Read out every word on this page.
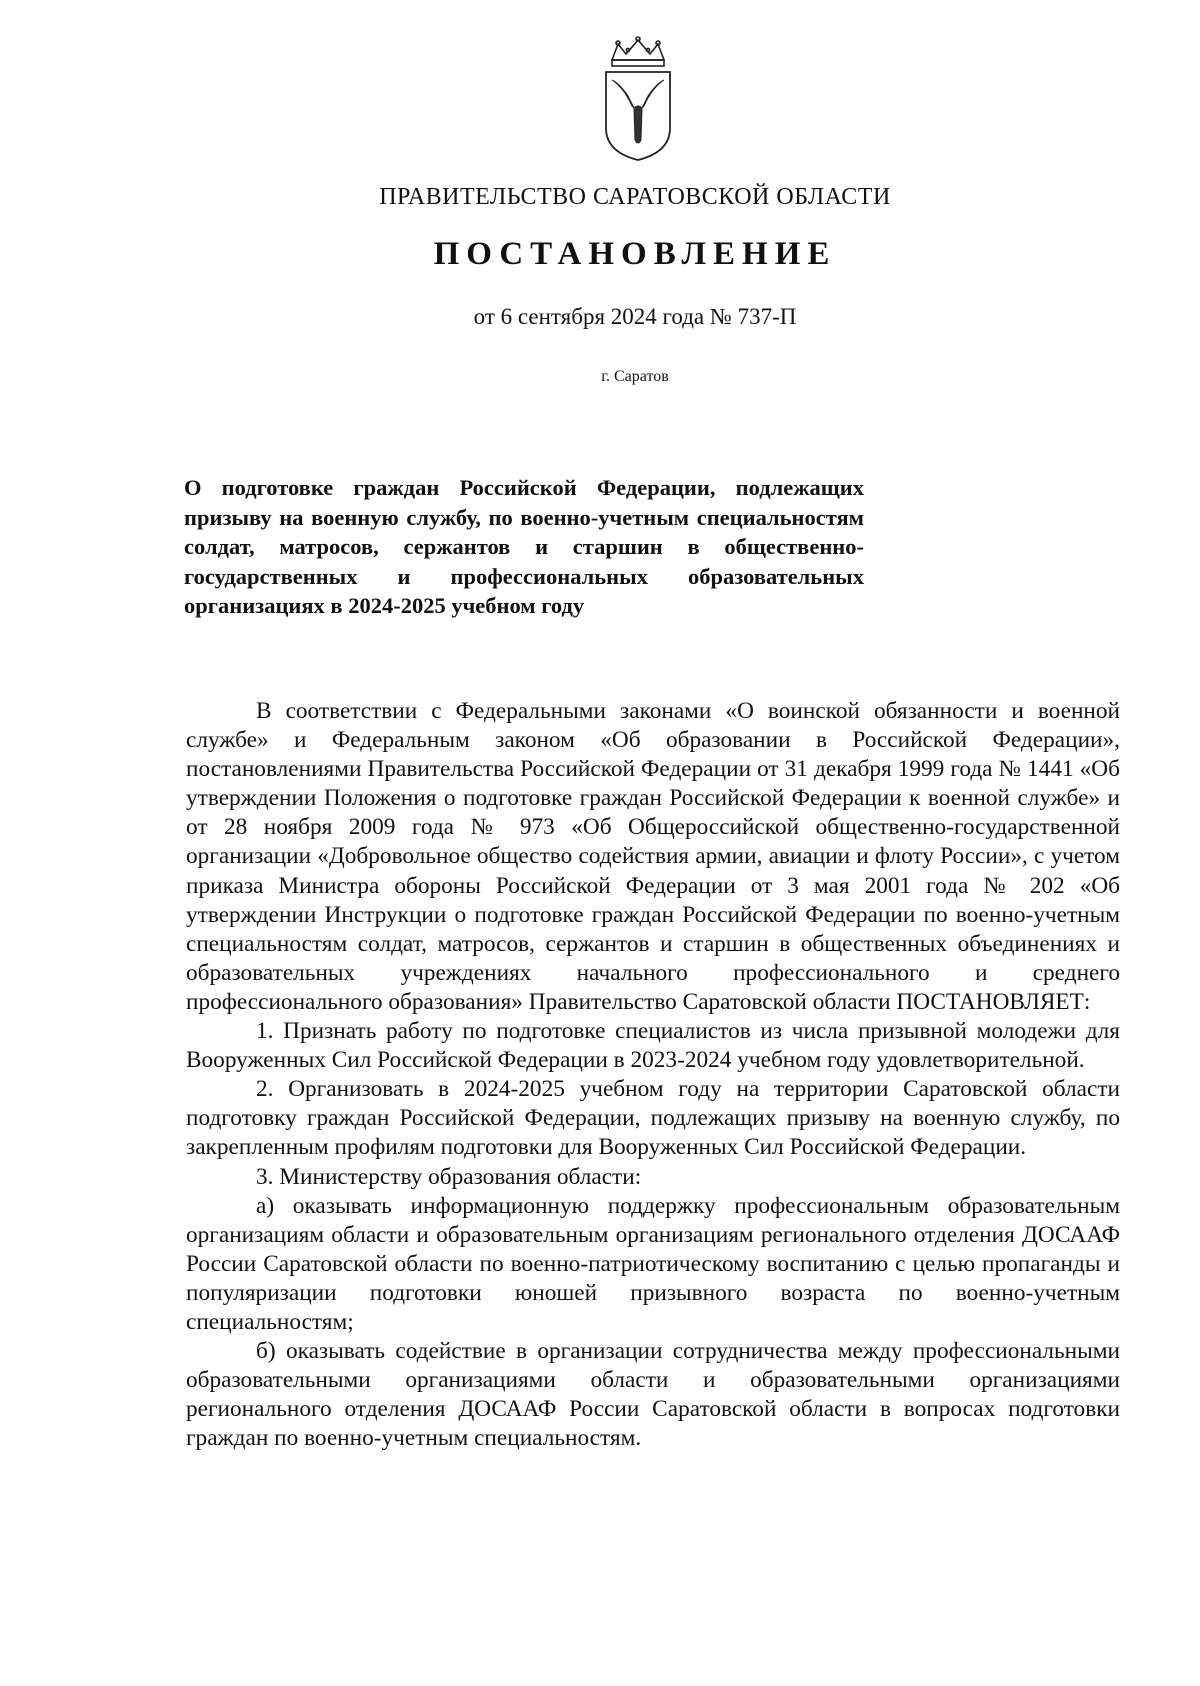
ПРАВИТЕЛЬСТВО САРАТОВСКОЙ ОБЛАСТИ
ПОСТАНОВЛЕНИЕ
от 6 сентября 2024 года № 737-П
г. Саратов
О подготовке граждан Российской Федерации, подлежащих призыву на военную службу, по военно-учетным специальностям солдат, матросов, сержантов и старшин в общественно-государственных и профессиональных образовательных организациях в 2024-2025 учебном году

В соответствии с Федеральными законами «О воинской обязанности и военной службе» и Федеральным законом «Об образовании в Российской Федерации», постановлениями Правительства Российской Федерации от 31 декабря 1999 года № 1441 «Об утверждении Положения о подготовке граждан Российской Федерации к военной службе» и от 28 ноября 2009 года № 973 «Об Общероссийской общественно-государственной организации «Добровольное общество содействия армии, авиации и флоту России», с учетом приказа Министра обороны Российской Федерации от 3 мая 2001 года № 202 «Об утверждении Инструкции о подготовке граждан Российской Федерации по военно-учетным специальностям солдат, матросов, сержантов и старшин в общественных объединениях и образовательных учреждениях начального профессионального и среднего профессионального образования» Правительство Саратовской области ПОСТАНОВЛЯЕТ:

1. Признать работу по подготовке специалистов из числа призывной молодежи для Вооруженных Сил Российской Федерации в 2023-2024 учебном году удовлетворительной.

2. Организовать в 2024-2025 учебном году на территории Саратовской области подготовку граждан Российской Федерации, подлежащих призыву на военную службу, по закрепленным профилям подготовки для Вооруженных Сил Российской Федерации.

3. Министерству образования области:

а) оказывать информационную поддержку профессиональным образовательным организациям области и образовательным организациям регионального отделения ДОСААФ России Саратовской области по военно-патриотическому воспитанию с целью пропаганды и популяризации подготовки юношей призывного возраста по военно-учетным специальностям;

б) оказывать содействие в организации сотрудничества между профессиональными образовательными организациями области и образовательными организациями регионального отделения ДОСААФ России Саратовской области в вопросах подготовки граждан по военно-учетным специальностям.
